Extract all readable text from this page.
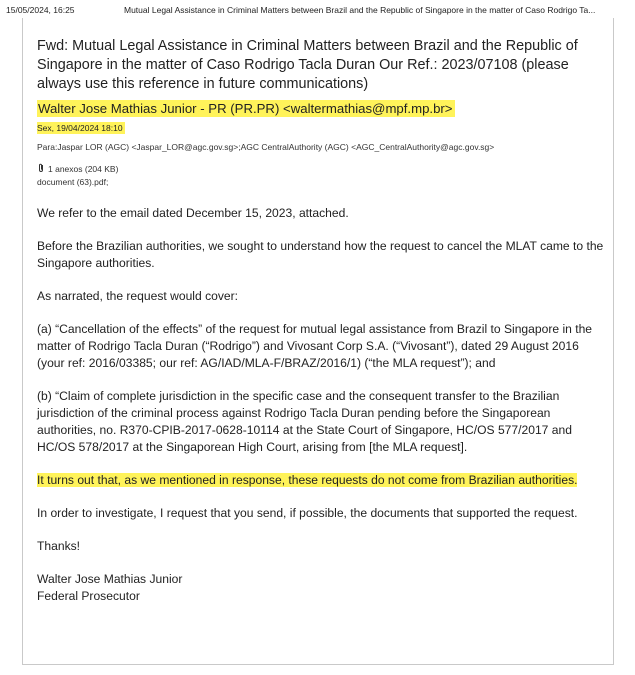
15/05/2024, 16:25	Mutual Legal Assistance in Criminal Matters between Brazil and the Republic of Singapore in the matter of Caso Rodrigo Ta...
Fwd: Mutual Legal Assistance in Criminal Matters between Brazil and the Republic of Singapore in the matter of Caso Rodrigo Tacla Duran Our Ref.: 2023/07108 (please always use this reference in future communications)
Walter Jose Mathias Junior - PR (PR.PR) <waltermathias@mpf.mp.br>
Sex, 19/04/2024 18:10
Para:Jaspar LOR (AGC) <Jaspar_LOR@agc.gov.sg>;AGC CentralAuthority (AGC) <AGC_CentralAuthority@agc.gov.sg>
1 anexos (204 KB)
document (63).pdf;

We refer to the email dated December 15, 2023, attached.

Before the Brazilian authorities, we sought to understand how the request to cancel the MLAT came to the Singapore authorities.

As narrated, the request would cover:

(a) “Cancellation of the effects” of the request for mutual legal assistance from Brazil to Singapore in the matter of Rodrigo Tacla Duran (“Rodrigo”) and Vivosant Corp S.A. (“Vivosant”), dated 29 August 2016 (your ref: 2016/03385; our ref: AG/IAD/MLA-F/BRAZ/2016/1) (“the MLA request”); and

(b) “Claim of complete jurisdiction in the specific case and the consequent transfer to the Brazilian jurisdiction of the criminal process against Rodrigo Tacla Duran pending before the Singaporean authorities, no. R370-CPIB-2017-0628-10114 at the State Court of Singapore, HC/OS 577/2017 and HC/OS 578/2017 at the Singaporean High Court, arising from [the MLA request].

It turns out that, as we mentioned in response, these requests do not come from Brazilian authorities.

In order to investigate, I request that you send, if possible, the documents that supported the request.

Thanks!

Walter Jose Mathias Junior
Federal Prosecutor
